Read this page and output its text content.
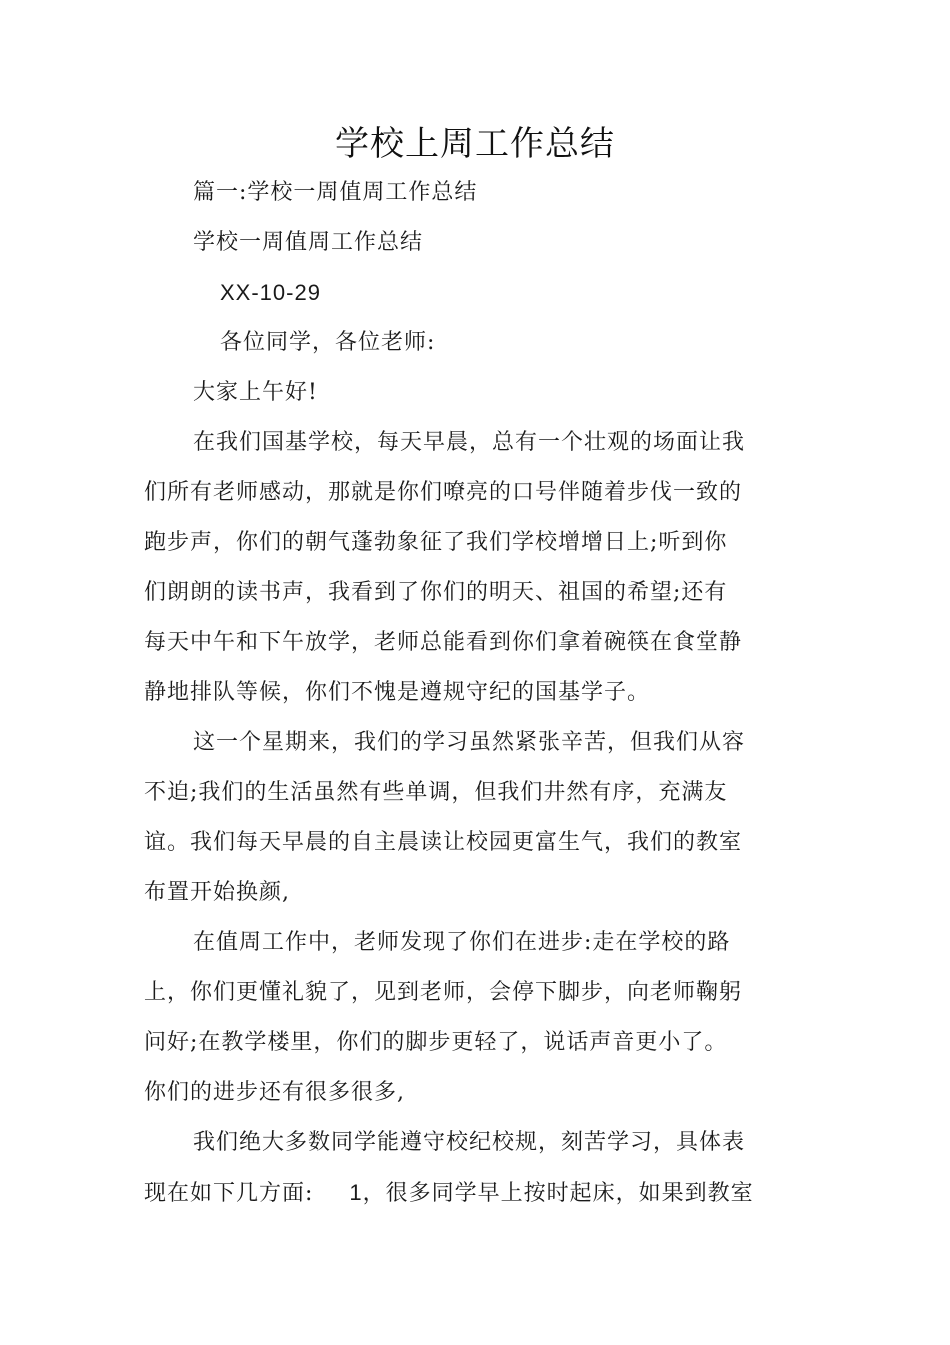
学校上周工作总结
篇一:学校一周值周工作总结
学校一周值周工作总结
XX-10-29
各位同学，各位老师:
大家上午好!
在我们国基学校，每天早晨，总有一个壮观的场面让我
们所有老师感动，那就是你们嘹亮的口号伴随着步伐一致的
跑步声，你们的朝气蓬勃象征了我们学校增增日上;听到你
们朗朗的读书声，我看到了你们的明天、祖国的希望;还有
每天中午和下午放学，老师总能看到你们拿着碗筷在食堂静
静地排队等候，你们不愧是遵规守纪的国基学子。
这一个星期来，我们的学习虽然紧张辛苦，但我们从容
不迫;我们的生活虽然有些单调，但我们井然有序，充满友
谊。我们每天早晨的自主晨读让校园更富生气，我们的教室
布置开始换颜,
在值周工作中，老师发现了你们在进步:走在学校的路
上，你们更懂礼貌了，见到老师，会停下脚步，向老师鞠躬
问好;在教学楼里，你们的脚步更轻了，说话声音更小了。
你们的进步还有很多很多,
我们绝大多数同学能遵守校纪校规，刻苦学习，具体表
现在如下几方面: 1，很多同学早上按时起床，如果到教室
